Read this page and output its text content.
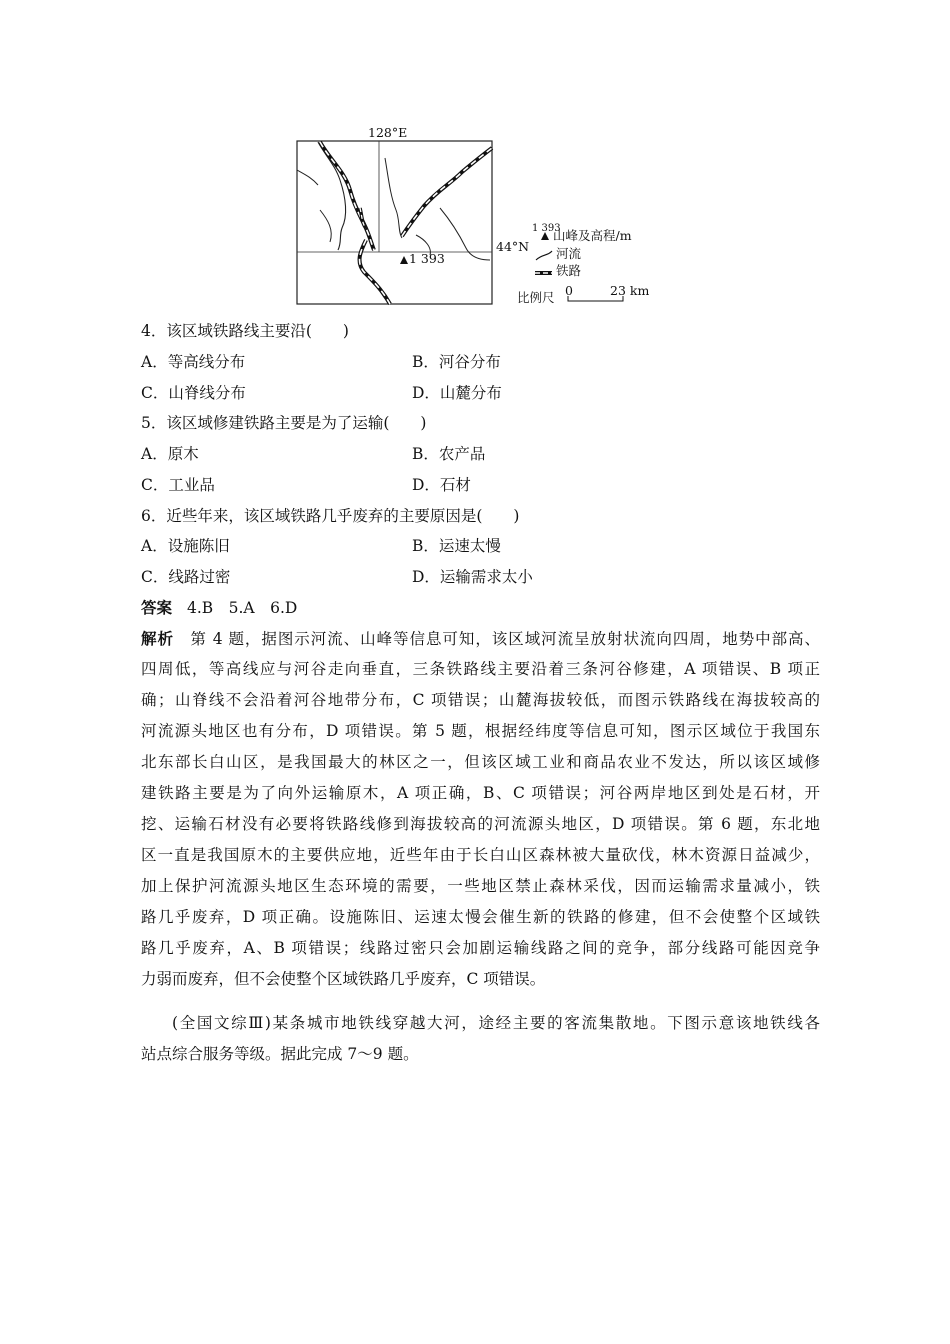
128°E
44°N
1 393
1 393
山峰及高程/m
河流
铁路
比例尺 0	23 km
4．该区域铁路线主要沿(　　)
A．等高线分布	B．河谷分布
C．山脊线分布	D．山麓分布
5．该区域修建铁路主要是为了运输(　　)
A．原木	B．农产品
C．工业品	D．石材
6．近些年来，该区域铁路几乎废弃的主要原因是(　　)
A．设施陈旧	B．运速太慢
C．线路过密	D．运输需求太小
答案 4.B　5.A　6.D
解析　 第 4 题，据图示河流、山峰等信息可知，该区域河流呈放射状流向四周，地势中部高、
四周低，等高线应与河谷走向垂直，三条铁路线主要沿着三条河谷修建，A 项错误、B 项正
确；山脊线不会沿着河谷地带分布，C 项错误；山麓海拔较低，而图示铁路线在海拔较高的
河流源头地区也有分布，D 项错误。第 5 题，根据经纬度等信息可知，图示区域位于我国东
北东部长白山区，是我国最大的林区之一，但该区域工业和商品农业不发达，所以该区域修
建铁路主要是为了向外运输原木，A 项正确，B、C 项错误；河谷两岸地区到处是石材，开
挖、运输石材没有必要将铁路线修到海拔较高的河流源头地区，D 项错误。第 6 题，东北地
区一直是我国原木的主要供应地，近些年由于长白山区森林被大量砍伐，林木资源日益减少，
加上保护河流源头地区生态环境的需要，一些地区禁止森林采伐，因而运输需求量减小，铁
路几乎废弃，D 项正确。设施陈旧、运速太慢会催生新的铁路的修建，但不会使整个区域铁
路几乎废弃，A、B 项错误；线路过密只会加剧运输线路之间的竞争，部分线路可能因竞争
力弱而废弃，但不会使整个区域铁路几乎废弃，C 项错误。
(全国文综Ⅲ)某条城市地铁线穿越大河，途经主要的客流集散地。下图示意该地铁线各
站点综合服务等级。据此完成 7～9 题。
